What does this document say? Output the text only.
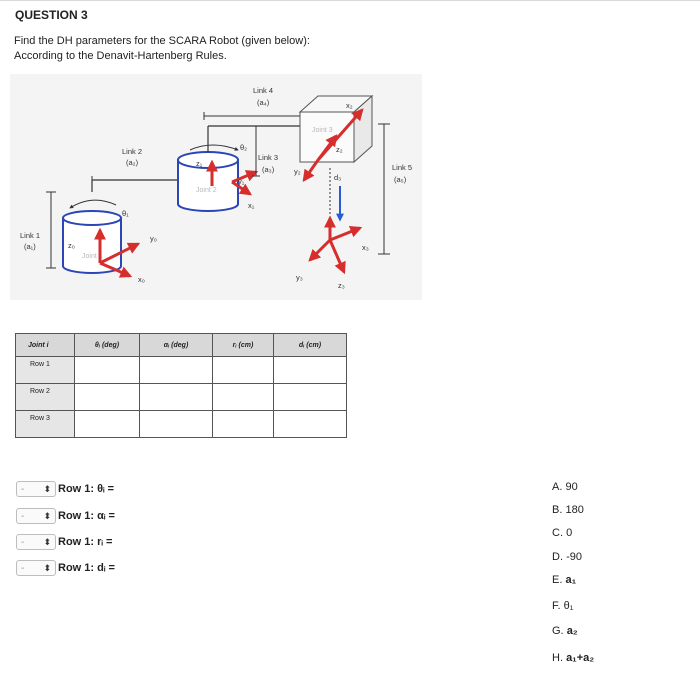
QUESTION 3
Find the DH parameters for the SCARA Robot (given below):
According to the Denavit-Hartenberg Rules.
Link 1
(a₁)
Joint 1
θ₁
z₀
y₀
x₀
Link 2
(a₂)
Joint 2
θ₂
z₁
y₁
x₁
Link 4
(a₄)
Link 3
(a₃)
Joint 3
z₂
x₂
y₂
d₃
y₃
z₃
x₃
Link 5
(a₅)
Joint i	θᵢ (deg)	αᵢ (deg)	rᵢ (cm)	dᵢ (cm)
Row 1				
Row 2				
Row 3				
- ⬍ Row 1: θᵢ =
- ⬍ Row 1: αᵢ =
- ⬍ Row 1: rᵢ =
- ⬍ Row 1: dᵢ =
A. 90
B. 180
C. 0
D. -90
E. a₁
F. θ₁
G. a₂
H. a₁+a₂
